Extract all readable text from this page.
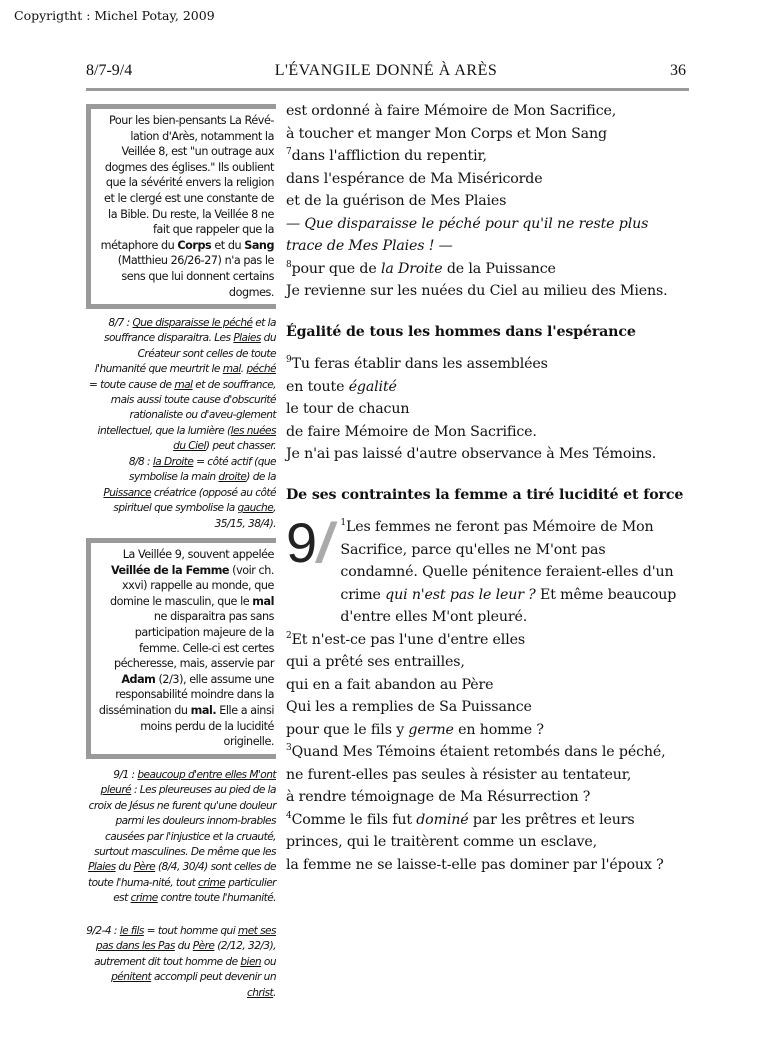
Copyrigtht : Michel Potay, 2009
8/7-9/4	L'ÉVANGILE DONNÉ À ARÈS	36
Pour les bien-pensants La Révé-lation d'Arès, notamment la Veillée 8, est "un outrage aux dogmes des églises." Ils oublient que la sévérité envers la religion et le clergé est une constante de la Bible. Du reste, la Veillée 8 ne fait que rappeler que la métaphore du Corps et du Sang (Matthieu 26/26-27) n'a pas le sens que lui donnent certains dogmes.
8/7 : Que disparaisse le péché et la souffrance disparaitra. Les Plaies du Créateur sont celles de toute l'humanité que meurtrit le mal. péché = toute cause de mal et de souffrance, mais aussi toute cause d'obscurité rationaliste ou d'aveu-glement intellectuel, que la lumière (les nuées du Ciel) peut chasser.
8/8 : la Droite = côté actif (que symbolise la main droite) de la Puissance créatrice (opposé au côté spirituel que symbolise la gauche, 35/15, 38/4).
La Veillée 9, souvent appelée Veillée de la Femme (voir ch. xxvi) rappelle au monde, que domine le masculin, que le mal ne disparaitra pas sans participation majeure de la femme. Celle-ci est certes pécheresse, mais, asservie par Adam (2/3), elle assume une responsabilité moindre dans la dissémination du mal. Elle a ainsi moins perdu de la lucidité originelle.
9/1 : beaucoup d'entre elles M'ont pleuré : Les pleureuses au pied de la croix de Jésus ne furent qu'une douleur parmi les douleurs innom-brables causées par l'injustice et la cruauté, surtout masculines. De même que les Plaies du Père (8/4, 30/4) sont celles de toute l'huma-nité, tout crime particulier est crime contre toute l'humanité.
9/2-4 : le fils = tout homme qui met ses pas dans les Pas du Père (2/12, 32/3), autrement dit tout homme de bien ou pénitent accompli peut devenir un christ.

est ordonné à faire Mémoire de Mon Sacrifice,

à toucher et manger Mon Corps et Mon Sang

$^7$dans l'affliction du repentir,

dans l'espérance de Ma Miséricorde

et de la guérison de Mes Plaies

— Que disparaisse le péché pour qu'il ne reste plus trace de Mes Plaies ! —

$^8$pour que de la Droite de la Puissance

Je revienne sur les nuées du Ciel au milieu des Miens.

Égalité de tous les hommes dans l'espérance

$^9$Tu feras établir dans les assemblées

en toute égalité

le tour de chacun

de faire Mémoire de Mon Sacrifice.

Je n'ai pas laissé d'autre observance à Mes Témoins.

De ses contraintes la femme a tiré lucidité et force

9/ $^1$Les femmes ne feront pas Mémoire de Mon Sacrifice, parce qu'elles ne M'ont pas condamné. Quelle pénitence feraient-elles d'un crime qui n'est pas le leur ? Et même beaucoup d'entre elles M'ont pleuré.

$^2$Et n'est-ce pas l'une d'entre elles

qui a prêté ses entrailles,

qui en a fait abandon au Père

Qui les a remplies de Sa Puissance

pour que le fils y germe en homme ?

$^3$Quand Mes Témoins étaient retombés dans le péché, ne furent-elles pas seules à résister au tentateur,

à rendre témoignage de Ma Résurrection ?

$^4$Comme le fils fut dominé par les prêtres et leurs princes, qui le traitèrent comme un esclave,

la femme ne se laisse-t-elle pas dominer par l'époux ?
